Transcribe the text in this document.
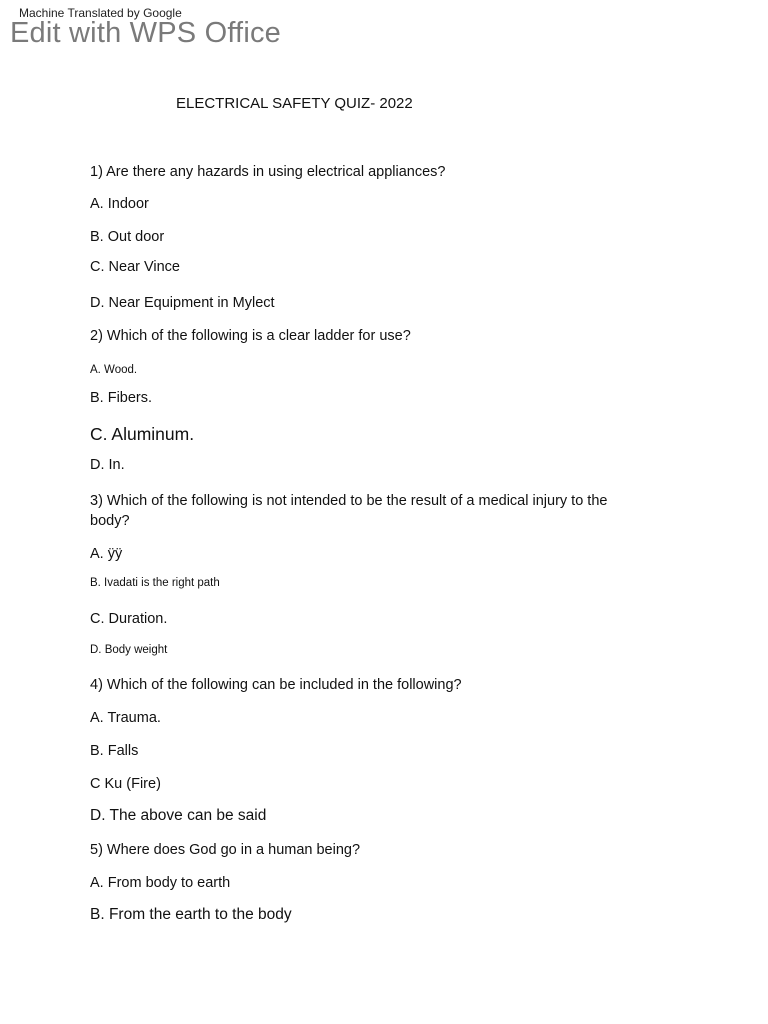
Machine Translated by Google
Edit with WPS Office
ELECTRICAL SAFETY QUIZ- 2022
1) Are there any hazards in using electrical appliances?
A. Indoor
B. Out door
C. Near Vince
D. Near Equipment in Mylect
2) Which of the following is a clear ladder for use?
A. Wood.
B. Fibers.
C. Aluminum.
D. In.
3) Which of the following is not intended to be the result of a medical injury to the body?
A. ÿÿ
B. Ivadati is the right path
C. Duration.
D. Body weight
4) Which of the following can be included in the following?
A. Trauma.
B. Falls
C Ku (Fire)
D. The above can be said
5) Where does God go in a human being?
A. From body to earth
B. From the earth to the body
